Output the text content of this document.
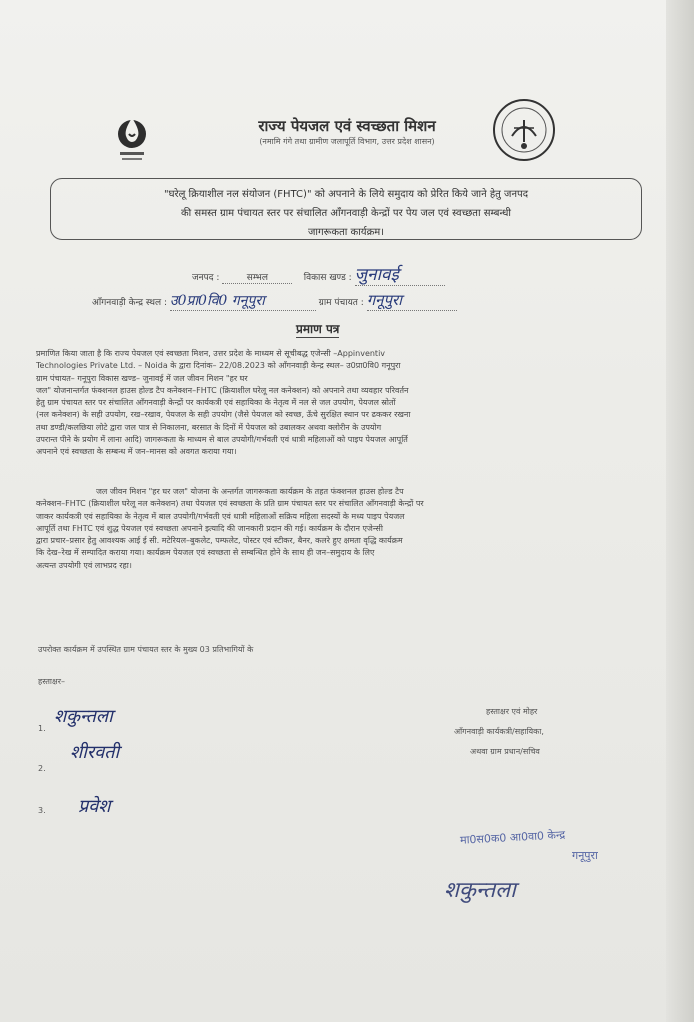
राज्य पेयजल एवं स्वच्छता मिशन
(नमामि गंगे तथा ग्रामीण जलापूर्ति विभाग, उत्तर प्रदेश शासन)
"घरेलू क्रियाशील नल संयोजन (FHTC)" को अपनाने के लिये समुदाय को प्रेरित किये जाने हेतु जनपद
की समस्त ग्राम पंचायत स्तर पर संचालित आँगनवाड़ी केन्द्रों पर पेय जल एवं स्वच्छता सम्बन्धी
जागरूकता कार्यक्रम।
जनपद :	सम्भल	विकास खण्ड : जुनावई
आँगनवाड़ी केन्द्र स्थल : उ0प्रा0वि0 गनूपुरा	ग्राम पंचायत : गनूपुरा
प्रमाण पत्र
प्रमाणित किया जाता है कि राज्य पेयजल एवं स्वच्छता मिशन, उत्तर प्रदेश के माध्यम से सूचीबद्ध एजेन्सी –Appinventiv
Technologies Private Ltd. – Noida के द्वारा दिनांक– 22/08.2023 को आँगनवाड़ी केन्द्र स्थल– उ0प्रा0वि0 गनूपुरा
ग्राम पंचायत– गनूपुरा विकास खण्ड– जुनावई में जल जीवन मिशन "हर घर
जल" योजनान्तर्गत फंक्शनल हाउस होल्ड टैप कनेक्शन–FHTC (क्रियाशील घरेलू नल कनेक्शन) को अपनाने तथा व्यवहार परिवर्तन
हेतु ग्राम पंचायत स्तर पर संचालित आँगनवाड़ी केन्द्रों पर कार्यकत्री एवं सहायिका के नेतृत्व में नल से जल उपयोग, पेयजल स्रोतों
(नल कनेक्शन) के सही उपयोग, रख–रखाव, पेयजल के सही उपयोग (जैसे पेयजल को स्वच्छ, ऊँचे सुरक्षित स्थान पर ढककर रखना
तथा डण्डी/कलछिया लोटे द्वारा जल पात्र से निकालना, बरसात के दिनों में पेयजल को उबालकर अथवा क्लोरीन के उपयोग
उपरान्त पीने के प्रयोग में लाना आदि) जागरूकता के माध्यम से बाल उपयोगी/गर्भवती एवं धात्री महिलाओं को पाइप पेयजल आपूर्ति
अपनाने एवं स्वच्छता के सम्बन्ध में जन–मानस को अवगत कराया गया।
जल जीवन मिशन "हर घर जल" योजना के अन्तर्गत जागरूकता कार्यक्रम के तहत फंक्शनल हाउस होल्ड टैप
कनेक्शन–FHTC (क्रियाशील घरेलू नल कनेक्शन) तथा पेयजल एवं स्वच्छता के प्रति ग्राम पंचायत स्तर पर संचालित आँगनवाड़ी केन्द्रों पर
जाकर कार्यकत्री एवं सहायिका के नेतृत्व में बाल उपयोगी/गर्भवती एवं धात्री महिलाओं सक्रिय महिला सदस्यों के मध्य पाइप पेयजल
आपूर्ति तथा FHTC एवं शुद्ध पेयजल एवं स्वच्छता अपनाने इत्यादि की जानकारी प्रदान की गई। कार्यक्रम के दौरान एजेन्सी
द्वारा प्रचार–प्रसार हेतु आवश्यक आई ई सी. मटेरियल–बुकलेट, पम्फलेट, पोस्टर एवं स्टीकर, बैनर, कलरे हुए क्षमता वृद्धि कार्यक्रम
कि देख–रेख में सम्पादित कराया गया। कार्यक्रम पेयजल एवं स्वच्छता से सम्बन्धित होने के साथ ही जन–समुदाय के लिए
अत्यन्त उपयोगी एवं लाभप्रद रहा।
उपरोक्त कार्यक्रम में उपस्थित ग्राम पंचायत स्तर के मुख्य 03 प्रतिभागियों के
हस्ताक्षर–
1.
शकुन्तला
2.
शीरवती
3. प्रवेश
हस्ताक्षर एवं मोहर
आँगनवाड़ी कार्यकत्री/सहायिका,
अथवा ग्राम प्रधान/सचिव
मा0स0क0 आ0वा0 केन्द्र
गनूपुरा
शकुन्तला
